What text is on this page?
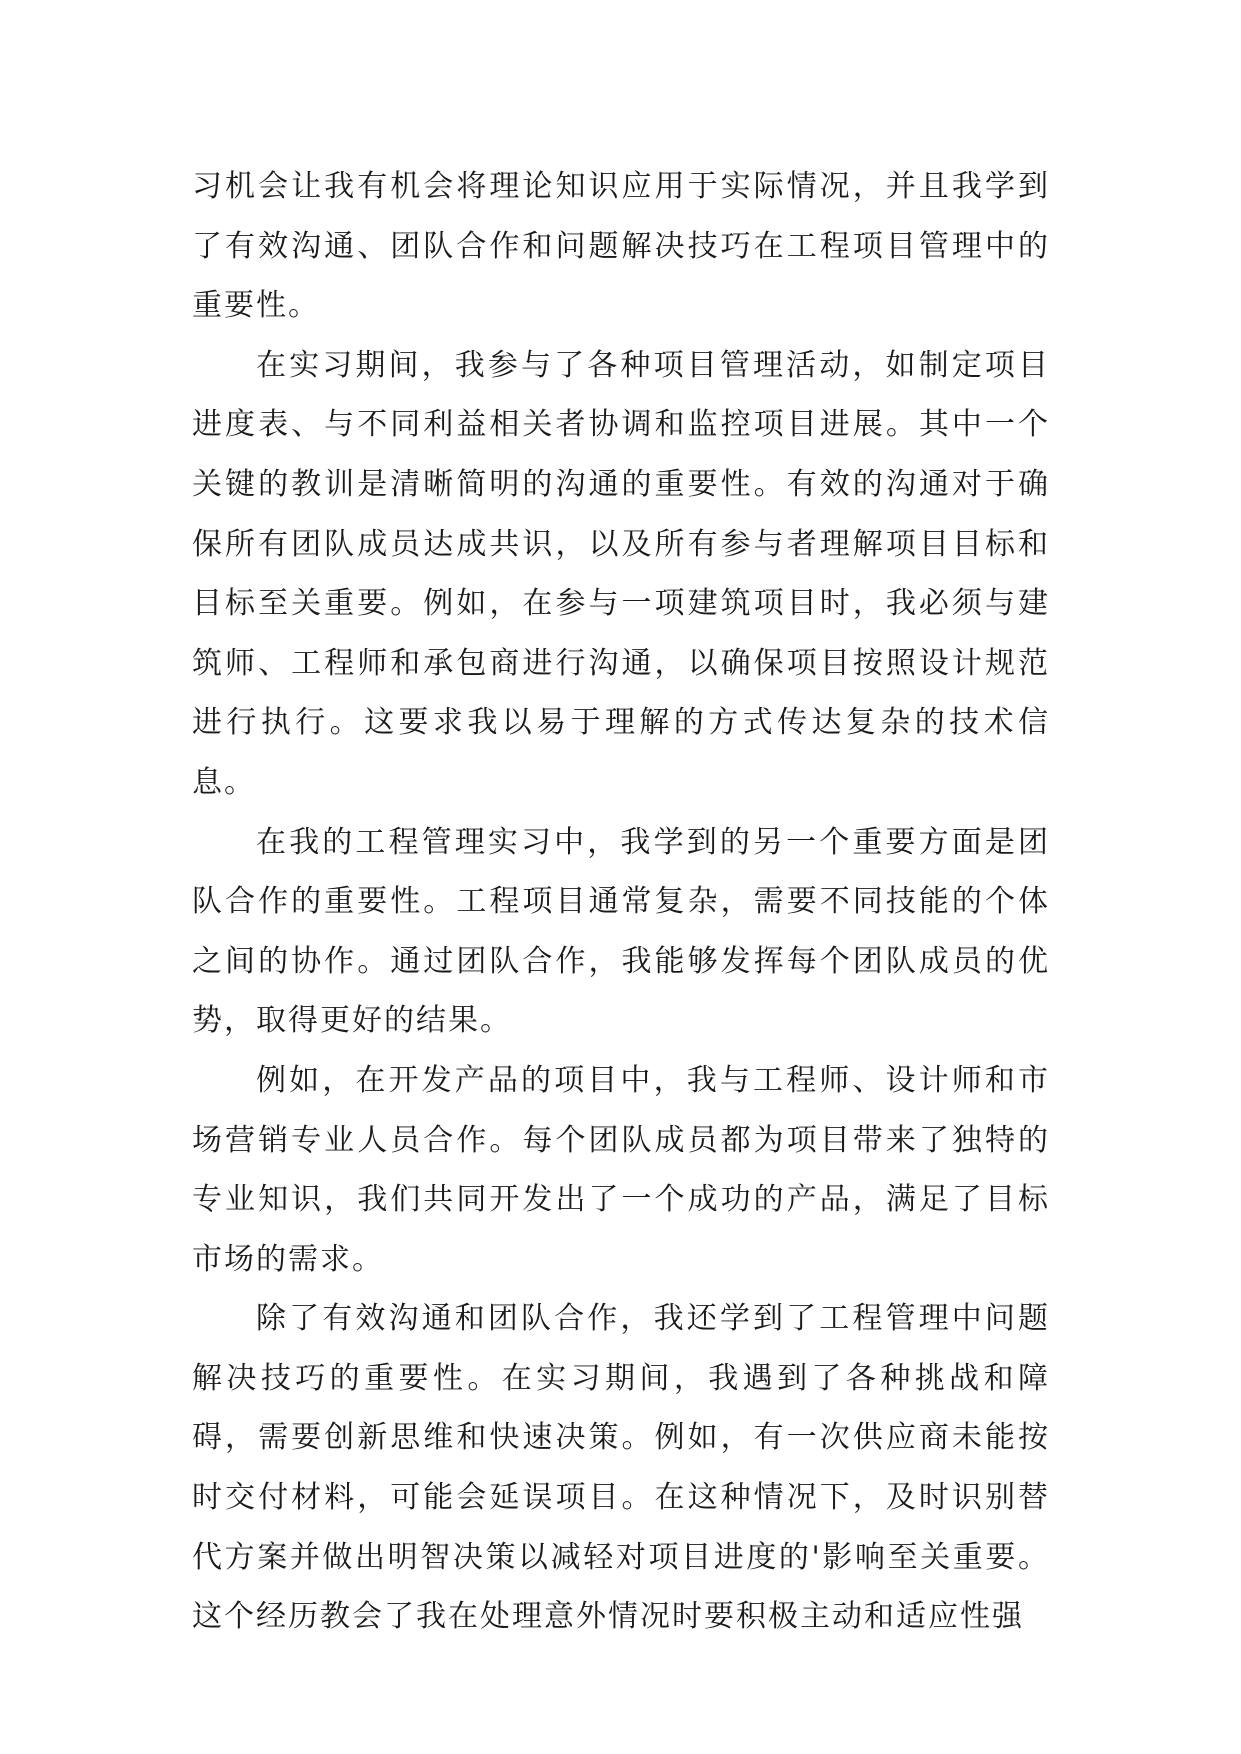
习机会让我有机会将理论知识应用于实际情况，并且我学到了有效沟通、团队合作和问题解决技巧在工程项目管理中的重要性。

在实习期间，我参与了各种项目管理活动，如制定项目进度表、与不同利益相关者协调和监控项目进展。其中一个关键的教训是清晰简明的沟通的重要性。有效的沟通对于确保所有团队成员达成共识，以及所有参与者理解项目目标和目标至关重要。例如，在参与一项建筑项目时，我必须与建筑师、工程师和承包商进行沟通，以确保项目按照设计规范进行执行。这要求我以易于理解的方式传达复杂的技术信息。

在我的工程管理实习中，我学到的另一个重要方面是团队合作的重要性。工程项目通常复杂，需要不同技能的个体之间的协作。通过团队合作，我能够发挥每个团队成员的优势，取得更好的结果。

例如，在开发产品的项目中，我与工程师、设计师和市场营销专业人员合作。每个团队成员都为项目带来了独特的专业知识，我们共同开发出了一个成功的产品，满足了目标市场的需求。

除了有效沟通和团队合作，我还学到了工程管理中问题解决技巧的重要性。在实习期间，我遇到了各种挑战和障碍，需要创新思维和快速决策。例如，有一次供应商未能按时交付材料，可能会延误项目。在这种情况下，及时识别替代方案并做出明智决策以减轻对项目进度的'影响至关重要。这个经历教会了我在处理意外情况时要积极主动和适应性强
